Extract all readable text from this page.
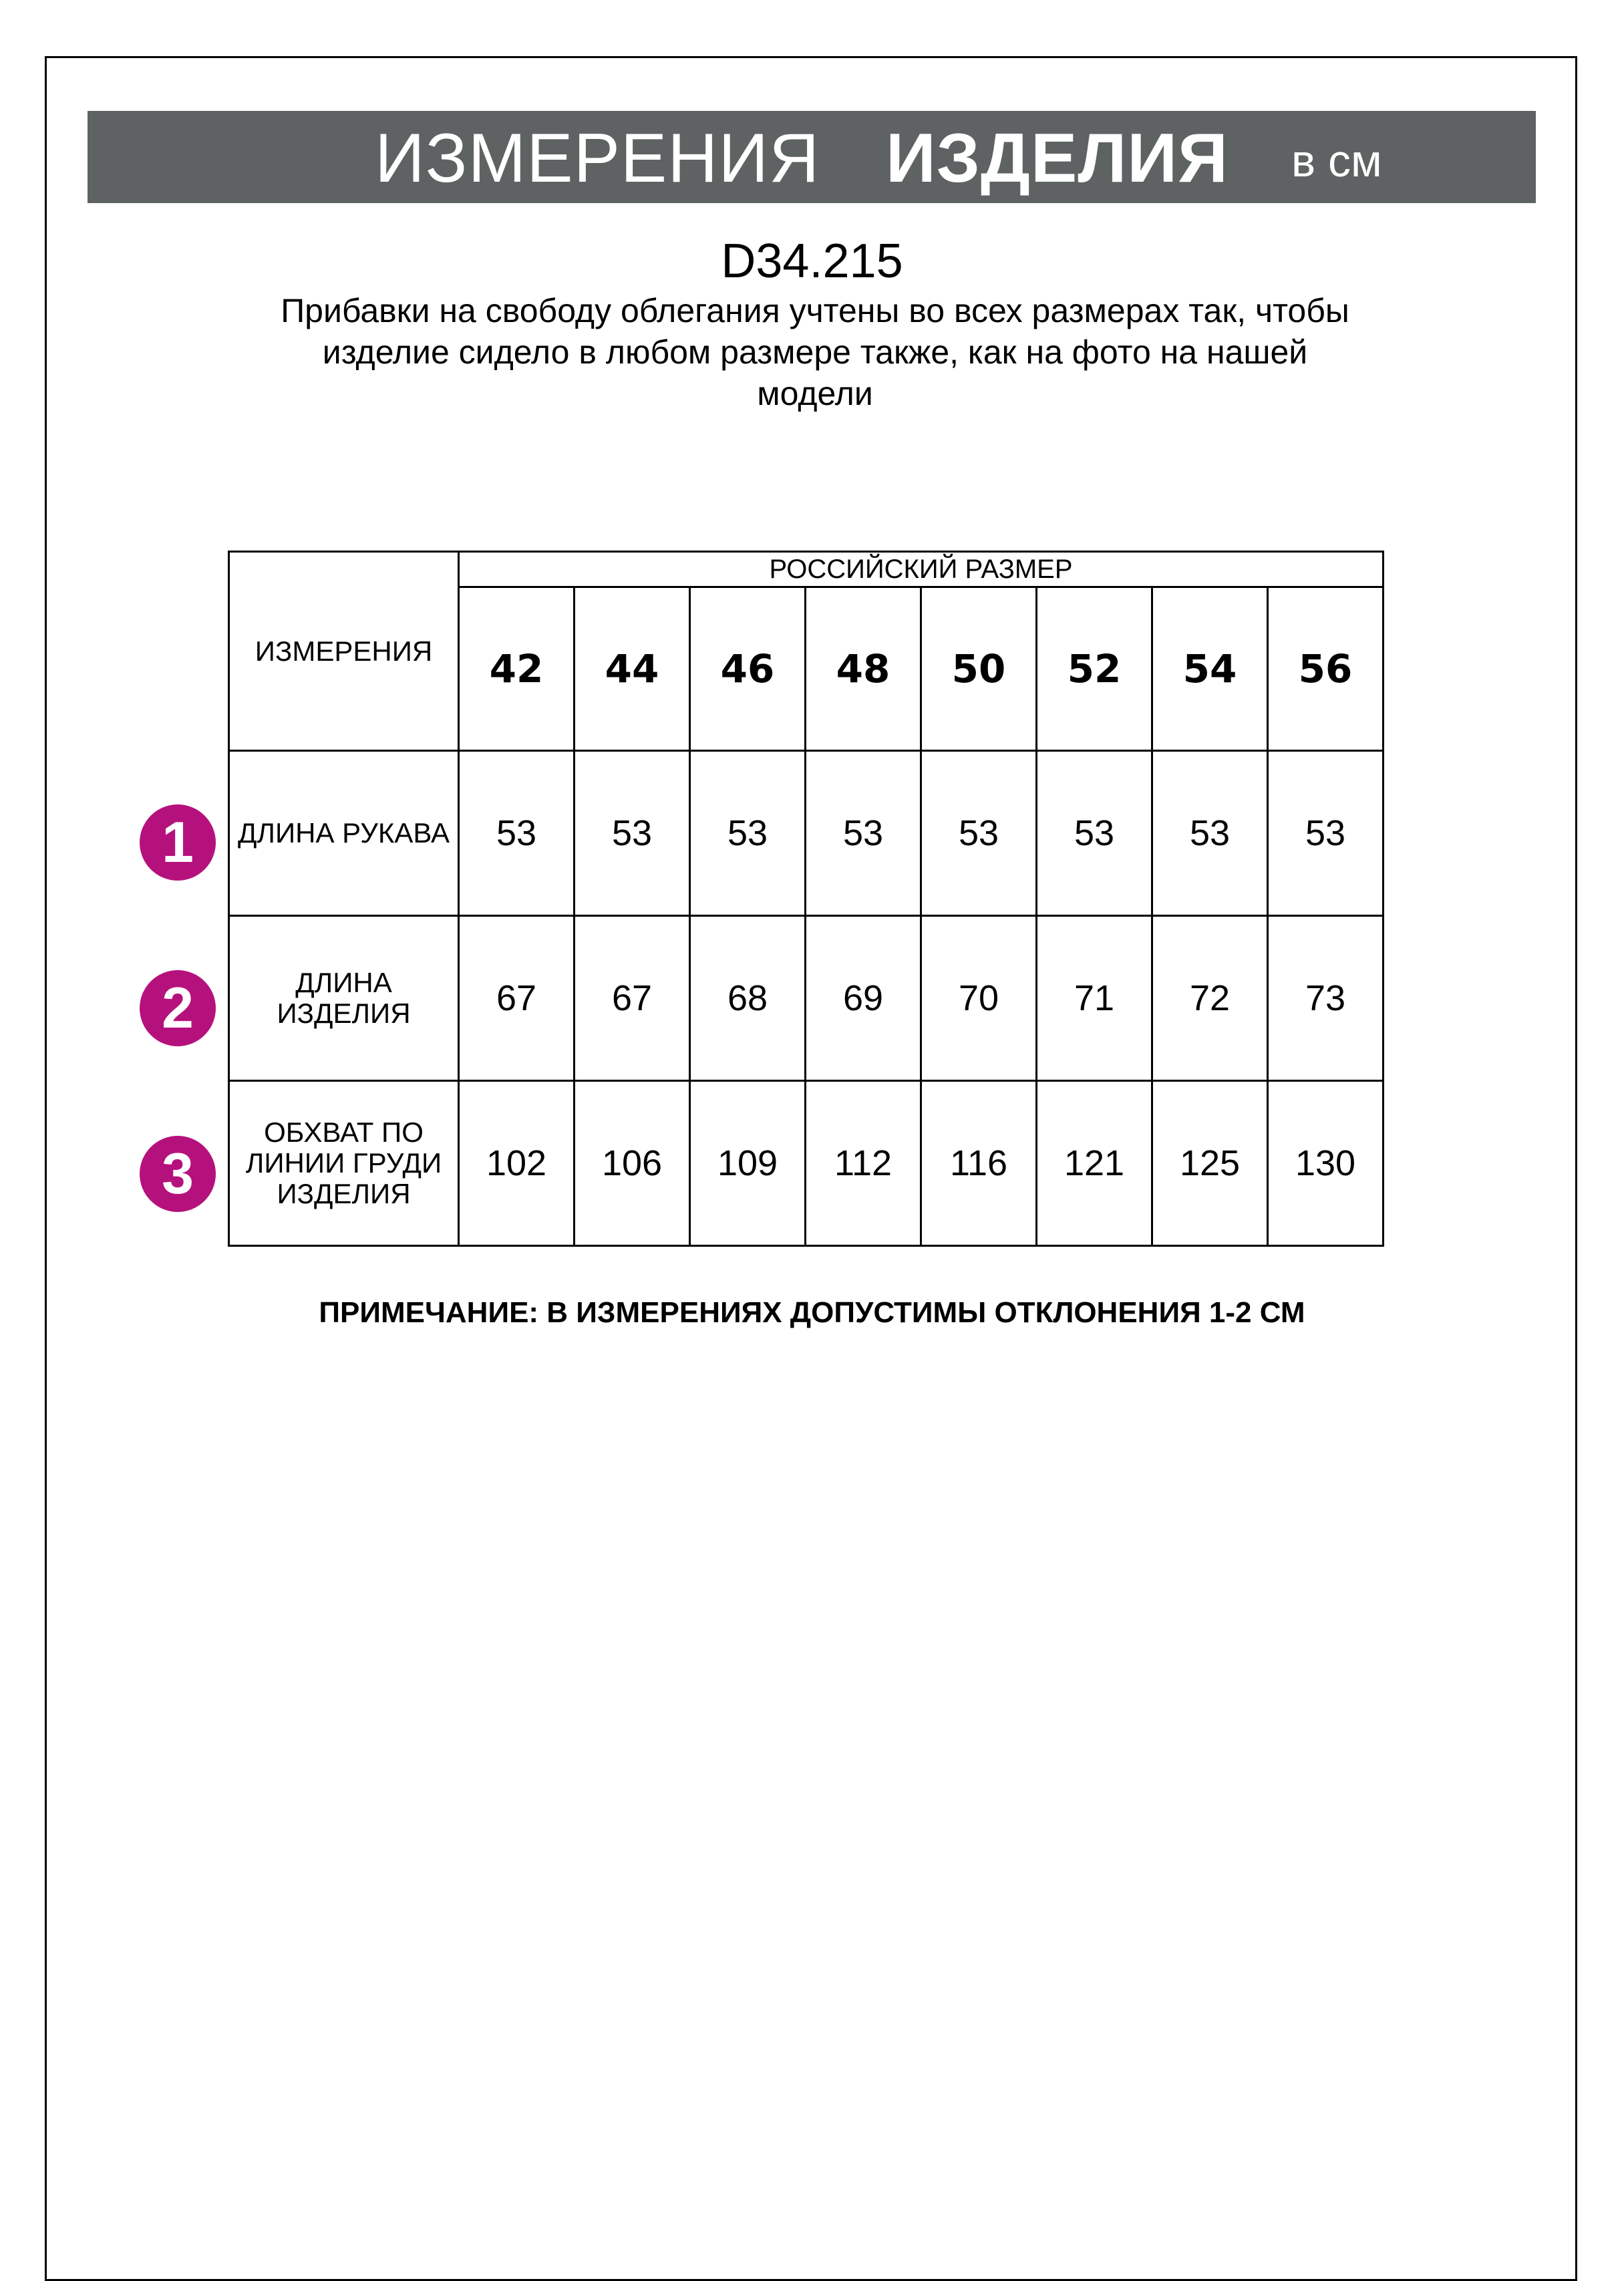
ИЗМЕРЕНИЯ ИЗДЕЛИЯ в см
D34.215
Прибавки на свободу облегания учтены во всех размерах так, чтобы
изделие сидело в любом размере также, как на фото на нашей
модели
1
2
3
ИЗМЕРЕНИЯ	РОССИЙСКИЙ РАЗМЕР							
	42	44	46	48	50	52	54	56

ДЛИНА РУКАВА	53	53	53	53	53	53	53	53

ДЛИНА
ИЗДЕЛИЯ	67	67	68	69	70	71	72	73

ОБХВАТ ПО
ЛИНИИ ГРУДИ
ИЗДЕЛИЯ	102	106	109	112	116	121	125	130
ПРИМЕЧАНИЕ: В ИЗМЕРЕНИЯХ ДОПУСТИМЫ ОТКЛОНЕНИЯ 1-2 СМ
